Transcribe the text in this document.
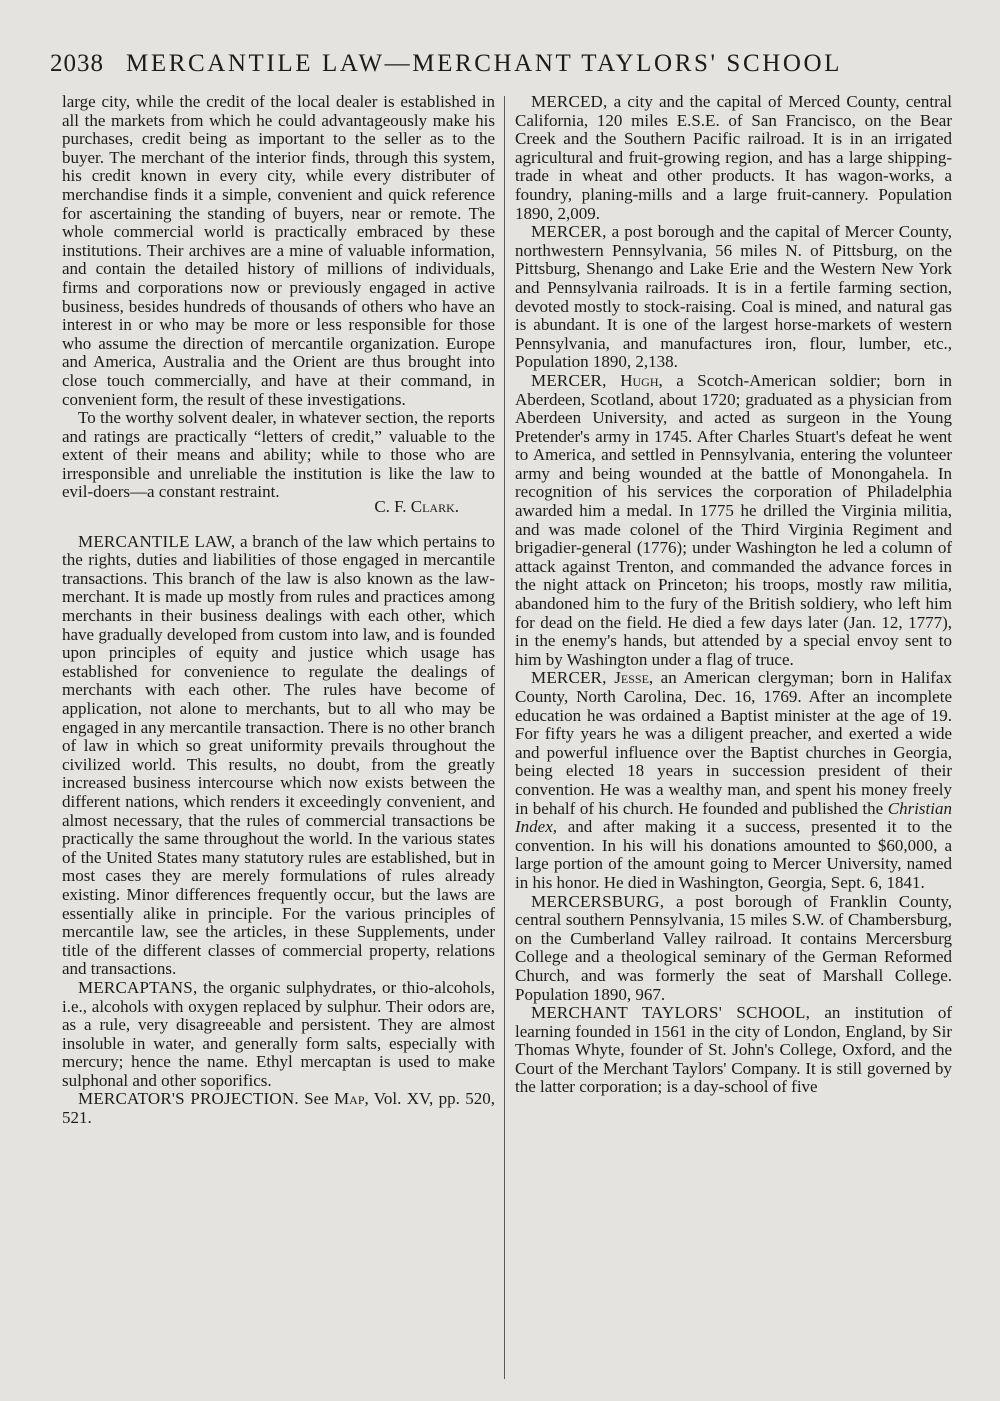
2038 MERCANTILE LAW—MERCHANT TAYLORS' SCHOOL

large city, while the credit of the local dealer is established in all the markets from which he could advantageously make his purchases, credit being as important to the seller as to the buyer. The merchant of the interior finds, through this system, his credit known in every city, while every distributer of merchandise finds it a simple, convenient and quick reference for ascertaining the standing of buyers, near or remote. The whole commercial world is practically embraced by these institutions. Their archives are a mine of valuable information, and contain the detailed history of millions of individuals, firms and corporations now or previously engaged in active business, besides hundreds of thousands of others who have an interest in or who may be more or less responsible for those who assume the direction of mercantile organization. Europe and America, Australia and the Orient are thus brought into close touch commercially, and have at their command, in convenient form, the result of these investigations.

To the worthy solvent dealer, in whatever section, the reports and ratings are practically “letters of credit,” valuable to the extent of their means and ability; while to those who are irresponsible and unreliable the institution is like the law to evil-doers—a constant restraint.

C. F. Clark.

MERCANTILE LAW, a branch of the law which pertains to the rights, duties and liabilities of those engaged in mercantile transactions. This branch of the law is also known as the law-merchant. It is made up mostly from rules and practices among merchants in their business dealings with each other, which have gradually developed from custom into law, and is founded upon principles of equity and justice which usage has established for convenience to regulate the dealings of merchants with each other. The rules have become of application, not alone to merchants, but to all who may be engaged in any mercantile transaction. There is no other branch of law in which so great uniformity prevails throughout the civilized world. This results, no doubt, from the greatly increased business intercourse which now exists between the different nations, which renders it exceedingly convenient, and almost necessary, that the rules of commercial transactions be practically the same throughout the world. In the various states of the United States many statutory rules are established, but in most cases they are merely formulations of rules already existing. Minor differences frequently occur, but the laws are essentially alike in principle. For the various principles of mercantile law, see the articles, in these Supplements, under title of the different classes of commercial property, relations and transactions.

MERCAPTANS, the organic sulphydrates, or thio-alcohols, i.e., alcohols with oxygen replaced by sulphur. Their odors are, as a rule, very disagreeable and persistent. They are almost insoluble in water, and generally form salts, especially with mercury; hence the name. Ethyl mercaptan is used to make sulphonal and other soporifics.

MERCATOR'S PROJECTION. See Map, Vol. XV, pp. 520, 521.

MERCED, a city and the capital of Merced County, central California, 120 miles E.S.E. of San Francisco, on the Bear Creek and the Southern Pacific railroad. It is in an irrigated agricultural and fruit-growing region, and has a large shipping-trade in wheat and other products. It has wagon-works, a foundry, planing-mills and a large fruit-cannery. Population 1890, 2,009.

MERCER, a post borough and the capital of Mercer County, northwestern Pennsylvania, 56 miles N. of Pittsburg, on the Pittsburg, Shenango and Lake Erie and the Western New York and Pennsylvania railroads. It is in a fertile farming section, devoted mostly to stock-raising. Coal is mined, and natural gas is abundant. It is one of the largest horse-markets of western Pennsylvania, and manufactures iron, flour, lumber, etc., Population 1890, 2,138.

MERCER, Hugh, a Scotch-American soldier; born in Aberdeen, Scotland, about 1720; graduated as a physician from Aberdeen University, and acted as surgeon in the Young Pretender's army in 1745. After Charles Stuart's defeat he went to America, and settled in Pennsylvania, entering the volunteer army and being wounded at the battle of Monongahela. In recognition of his services the corporation of Philadelphia awarded him a medal. In 1775 he drilled the Virginia militia, and was made colonel of the Third Virginia Regiment and brigadier-general (1776); under Washington he led a column of attack against Trenton, and commanded the advance forces in the night attack on Princeton; his troops, mostly raw militia, abandoned him to the fury of the British soldiery, who left him for dead on the field. He died a few days later (Jan. 12, 1777), in the enemy's hands, but attended by a special envoy sent to him by Washington under a flag of truce.

MERCER, Jesse, an American clergyman; born in Halifax County, North Carolina, Dec. 16, 1769. After an incomplete education he was ordained a Baptist minister at the age of 19. For fifty years he was a diligent preacher, and exerted a wide and powerful influence over the Baptist churches in Georgia, being elected 18 years in succession president of their convention. He was a wealthy man, and spent his money freely in behalf of his church. He founded and published the Christian Index, and after making it a success, presented it to the convention. In his will his donations amounted to $60,000, a large portion of the amount going to Mercer University, named in his honor. He died in Washington, Georgia, Sept. 6, 1841.

MERCERSBURG, a post borough of Franklin County, central southern Pennsylvania, 15 miles S.W. of Chambersburg, on the Cumberland Valley railroad. It contains Mercersburg College and a theological seminary of the German Reformed Church, and was formerly the seat of Marshall College. Population 1890, 967.

MERCHANT TAYLORS' SCHOOL, an institution of learning founded in 1561 in the city of London, England, by Sir Thomas Whyte, founder of St. John's College, Oxford, and the Court of the Merchant Taylors' Company. It is still governed by the latter corporation; is a day-school of five
